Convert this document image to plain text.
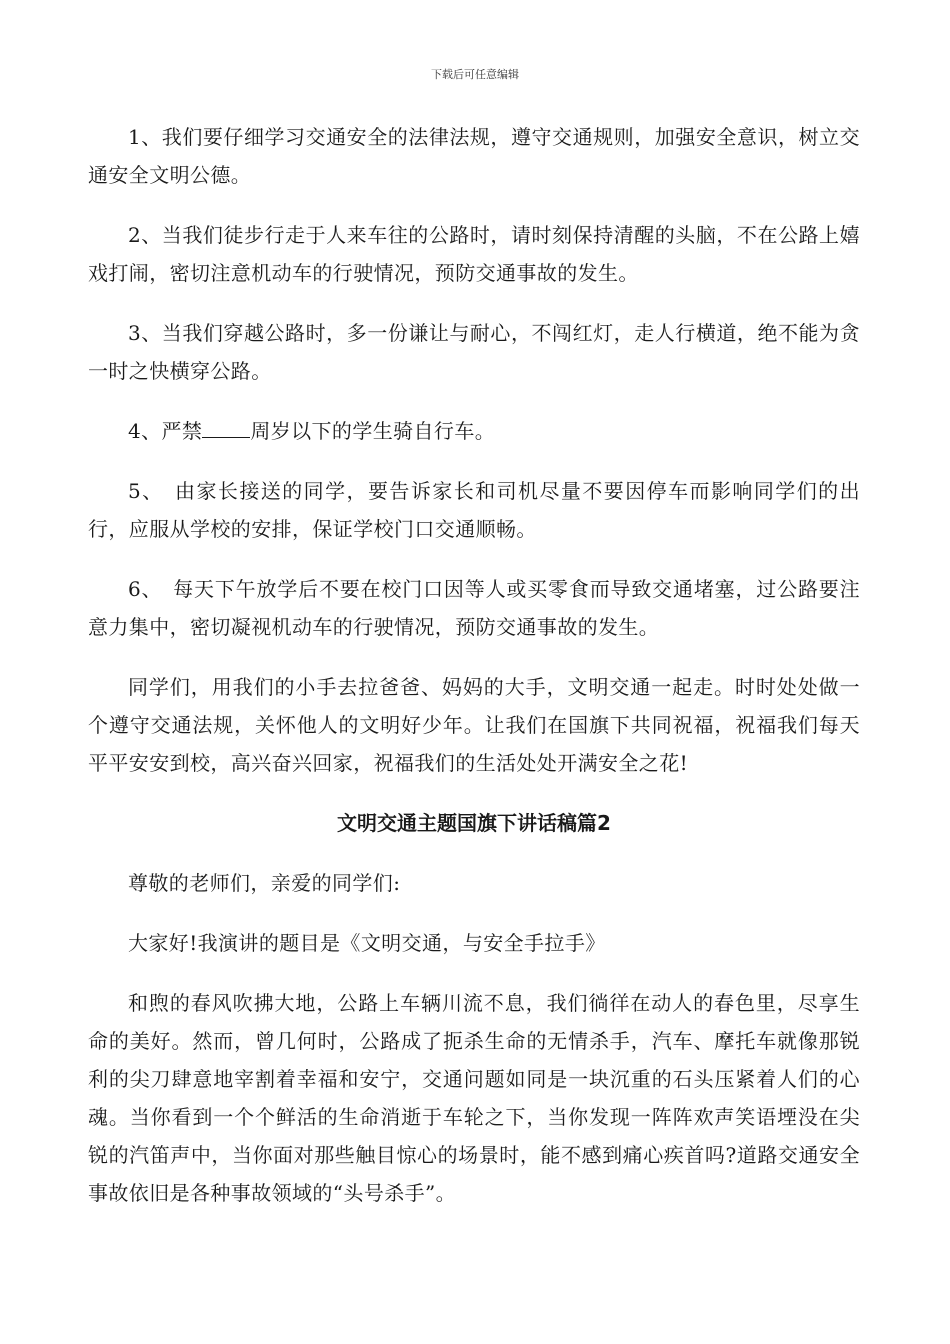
下载后可任意编辑

1、我们要仔细学习交通安全的法律法规，遵守交通规则，加强安全意识，树立交通安全文明公德。

2、当我们徒步行走于人来车往的公路时，请时刻保持清醒的头脑，不在公路上嬉戏打闹，密切注意机动车的行驶情况，预防交通事故的发生。

3、当我们穿越公路时，多一份谦让与耐心，不闯红灯，走人行横道，绝不能为贪一时之快横穿公路。

4、严禁 周岁以下的学生骑自行车。

5、　由家长接送的同学，要告诉家长和司机尽量不要因停车而影响同学们的出行，应服从学校的安排，保证学校门口交通顺畅。

6、　每天下午放学后不要在校门口因等人或买零食而导致交通堵塞，过公路要注意力集中，密切凝视机动车的行驶情况，预防交通事故的发生。

同学们，用我们的小手去拉爸爸、妈妈的大手，文明交通一起走。时时处处做一个遵守交通法规，关怀他人的文明好少年。让我们在国旗下共同祝福，祝福我们每天平平安安到校，高兴奋兴回家，祝福我们的生活处处开满安全之花!

文明交通主题国旗下讲话稿篇2

尊敬的老师们，亲爱的同学们:

大家好!我演讲的题目是《文明交通，与安全手拉手》

和煦的春风吹拂大地，公路上车辆川流不息，我们徜徉在动人的春色里，尽享生命的美好。然而，曾几何时，公路成了扼杀生命的无情杀手，汽车、摩托车就像那锐利的尖刀肆意地宰割着幸福和安宁，交通问题如同是一块沉重的石头压紧着人们的心魂。当你看到一个个鲜活的生命消逝于车轮之下，当你发现一阵阵欢声笑语堙没在尖锐的汽笛声中，当你面对那些触目惊心的场景时，能不感到痛心疾首吗?道路交通安全事故依旧是各种事故领域的“头号杀手”。
